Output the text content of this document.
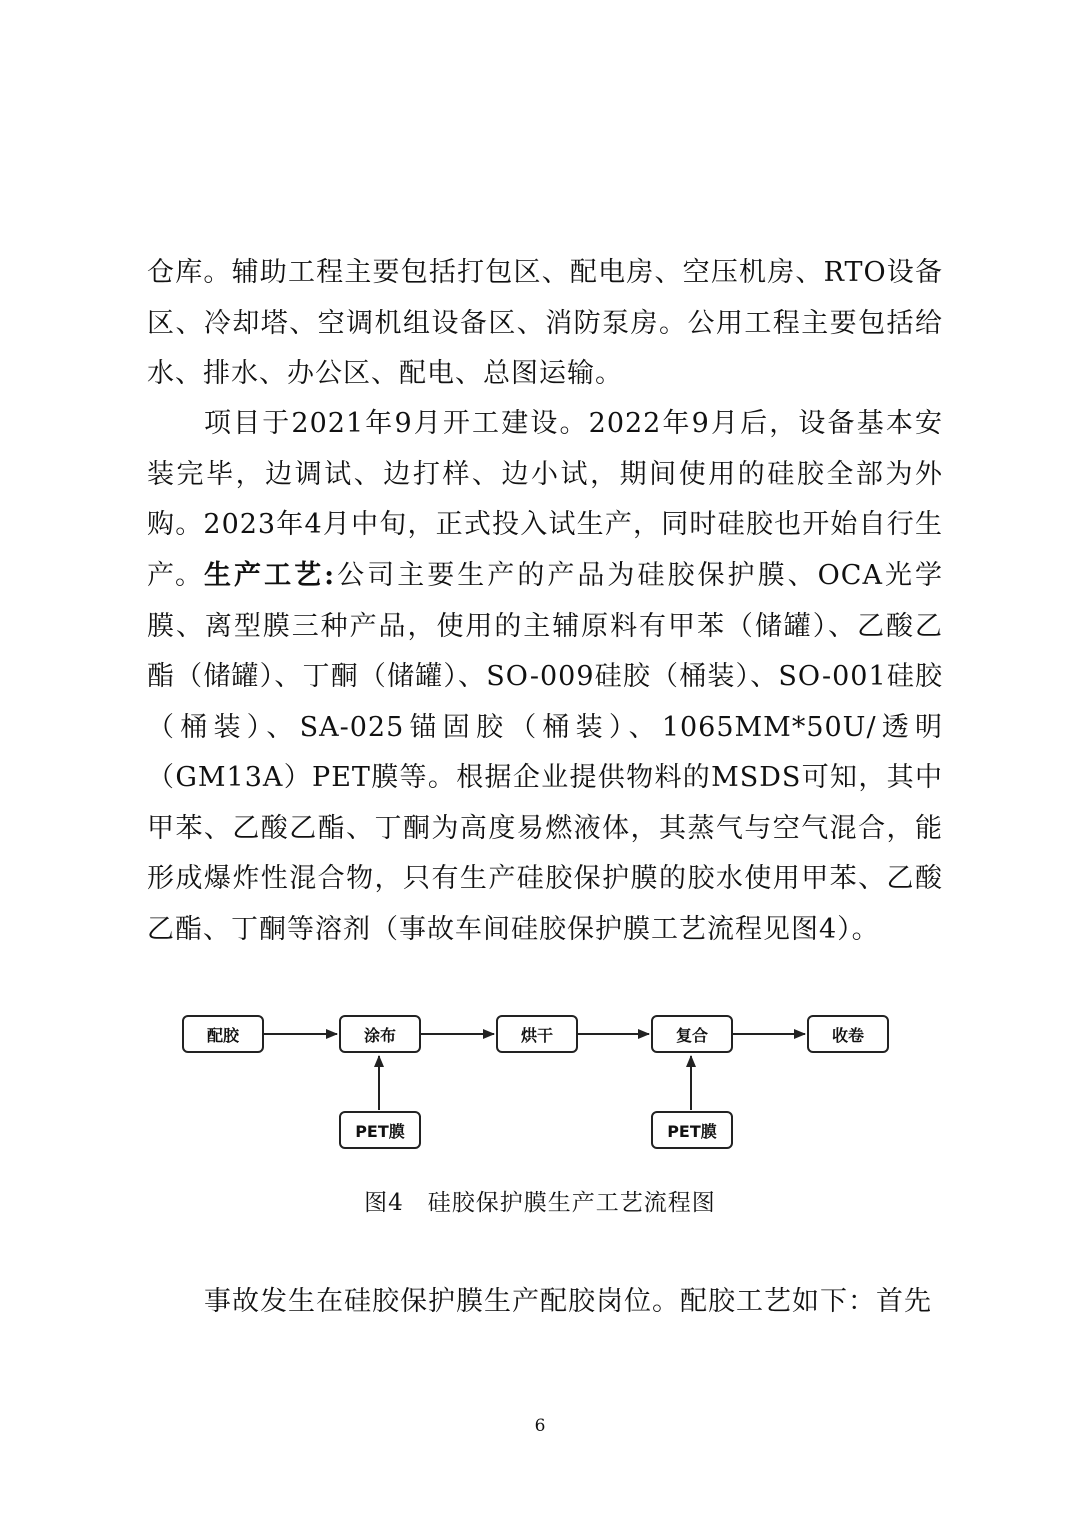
仓库。辅助工程主要包括打包区、配电房、空压机房、RTO设备区、冷却塔、空调机组设备区、消防泵房。公用工程主要包括给水、排水、办公区、配电、总图运输。

项目于2021年9月开工建设。2022年9月后，设备基本安装完毕，边调试、边打样、边小试，期间使用的硅胶全部为外购。2023年4月中旬，正式投入试生产，同时硅胶也开始自行生产。 生产工艺:公司主要生产的产品为硅胶保护膜、OCA光学膜、离型膜三种产品，使用的主辅原料有甲苯（储罐）、乙酸乙酯（储罐）、丁酮（储罐）、SO-009硅胶（桶装）、SO-001硅胶（桶装）、SA-025锚固胶（桶装）、1065MM*50U/透明（GM13A）PET膜等。根据企业提供物料的MSDS可知，其中甲苯、乙酸乙酯、丁酮为高度易燃液体，其蒸气与空气混合，能形成爆炸性混合物，只有生产硅胶保护膜的胶水使用甲苯、乙酸乙酯、丁酮等溶剂（事故车间硅胶保护膜工艺流程见图4）。

配胶	涂布	烘干	复合	收卷
PET膜	PET膜

图4　硅胶保护膜生产工艺流程图

事故发生在硅胶保护膜生产配胶岗位。配胶工艺如下：首先

6
